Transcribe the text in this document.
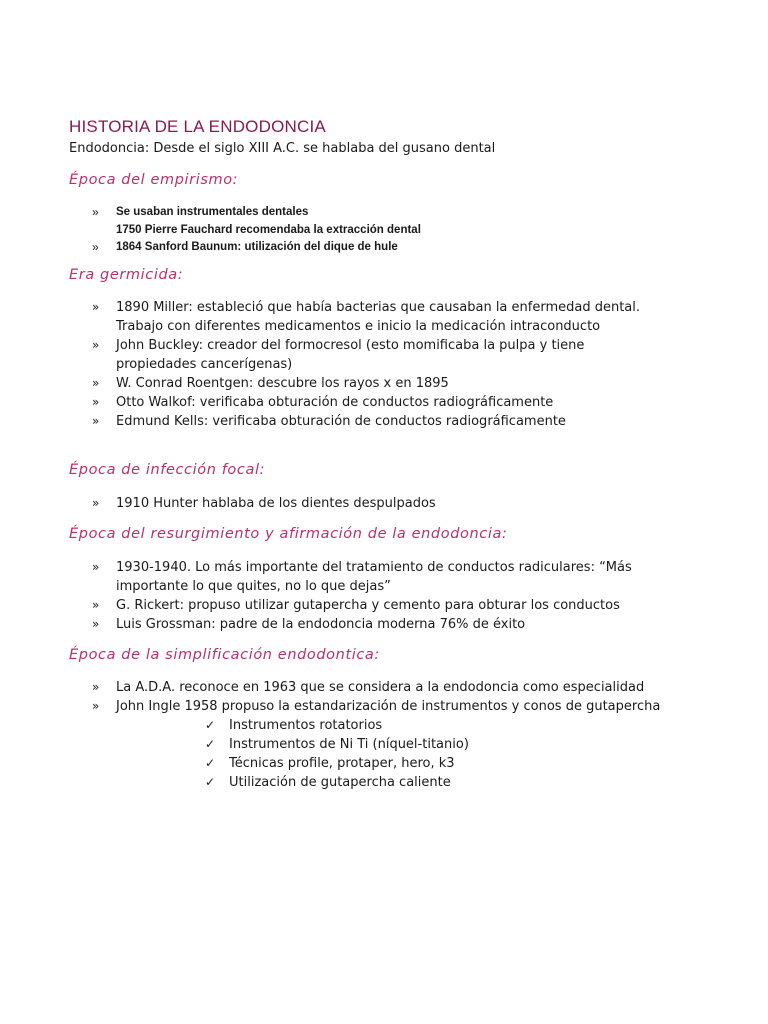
HISTORIA DE LA ENDODONCIA
Endodoncia: Desde el siglo XIII A.C. se hablaba del gusano dental
Época del empirismo:
» Se usaban instrumentales dentales
1750 Pierre Fauchard recomendaba la extracción dental
» 1864 Sanford Baunum: utilización del dique de hule
Era germicida:
» 1890 Miller: estableció que había bacterias que causaban la enfermedad dental.
Trabajo con diferentes medicamentos e inicio la medicación intraconducto
» John Buckley: creador del formocresol (esto momificaba la pulpa y tiene
propiedades cancerígenas)
» W. Conrad Roentgen: descubre los rayos x en 1895
» Otto Walkof: verificaba obturación de conductos radiográficamente
» Edmund Kells: verificaba obturación de conductos radiográficamente
Época de infección focal:
» 1910 Hunter hablaba de los dientes despulpados
Época del resurgimiento y afirmación de la endodoncia:
» 1930-1940. Lo más importante del tratamiento de conductos radiculares: “Más
importante lo que quites, no lo que dejas”
» G. Rickert: propuso utilizar gutapercha y cemento para obturar los conductos
» Luis Grossman: padre de la endodoncia moderna 76% de éxito
Época de la simplificación endodontica:
» La A.D.A. reconoce en 1963 que se considera a la endodoncia como especialidad
» John Ingle 1958 propuso la estandarización de instrumentos y conos de gutapercha
✓ Instrumentos rotatorios
✓ Instrumentos de Ni Ti (níquel-titanio)
✓ Técnicas profile, protaper, hero, k3
✓ Utilización de gutapercha caliente
